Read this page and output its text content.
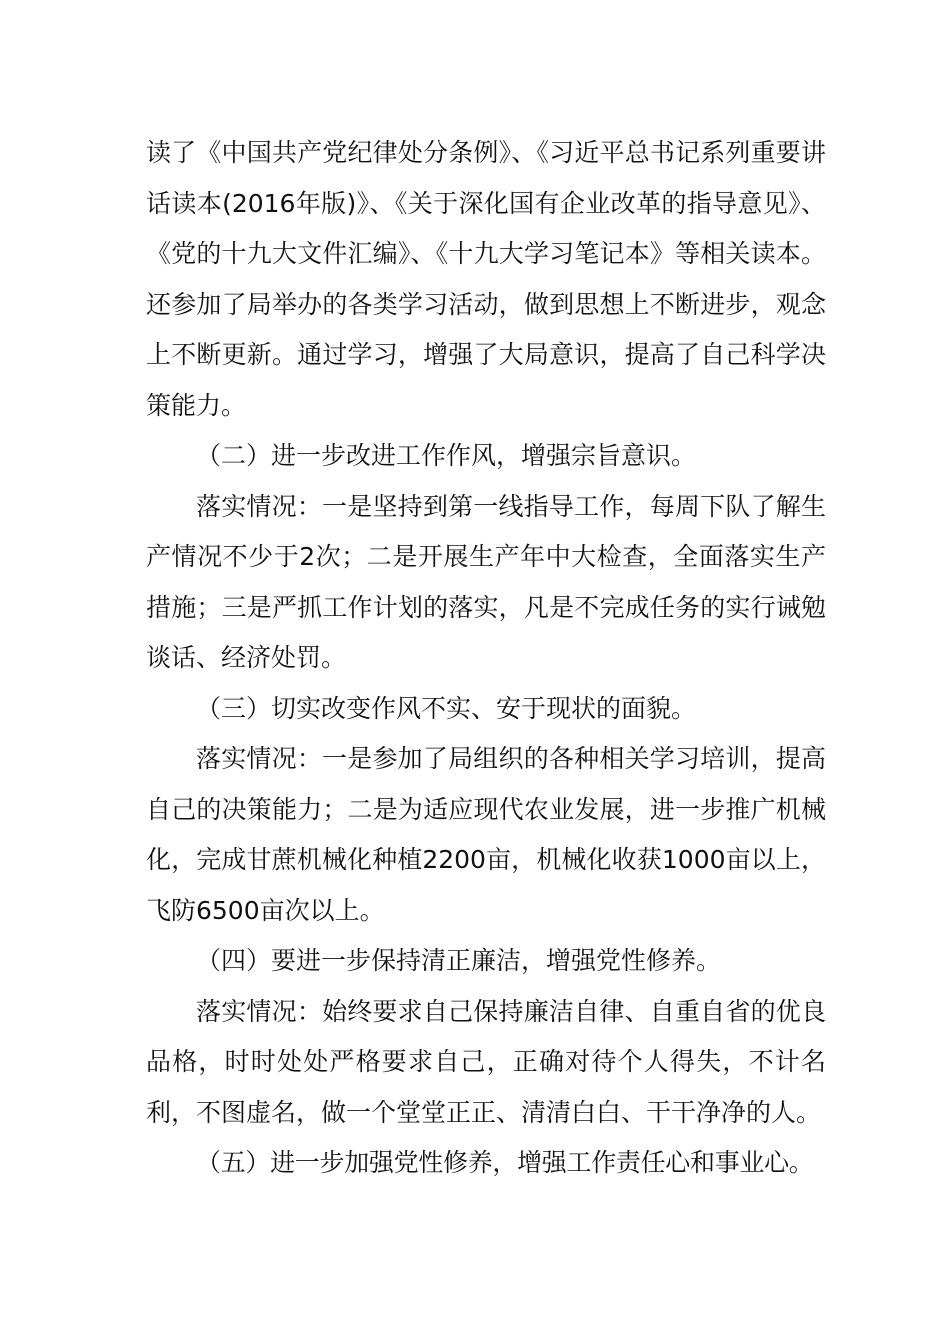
读了《中国共产党纪律处分条例》、《习近平总书记系列重要讲话读本(2016年版)》、《关于深化国有企业改革的指导意见》、《党的十九大文件汇编》、《十九大学习笔记本》等相关读本。还参加了局举办的各类学习活动，做到思想上不断进步，观念上不断更新。通过学习，增强了大局意识，提高了自己科学决策能力。

（二）进一步改进工作作风，增强宗旨意识。

落实情况：一是坚持到第一线指导工作，每周下队了解生产情况不少于2次；二是开展生产年中大检查，全面落实生产措施；三是严抓工作计划的落实，凡是不完成任务的实行诫勉谈话、经济处罚。

（三）切实改变作风不实、安于现状的面貌。

落实情况：一是参加了局组织的各种相关学习培训，提高自己的决策能力；二是为适应现代农业发展，进一步推广机械化，完成甘蔗机械化种植2200亩，机械化收获1000亩以上，飞防6500亩次以上。

（四）要进一步保持清正廉洁，增强党性修养。

落实情况：始终要求自己保持廉洁自律、自重自省的优良品格，时时处处严格要求自己，正确对待个人得失，不计名利，不图虚名，做一个堂堂正正、清清白白、干干净净的人。

（五）进一步加强党性修养，增强工作责任心和事业心。
